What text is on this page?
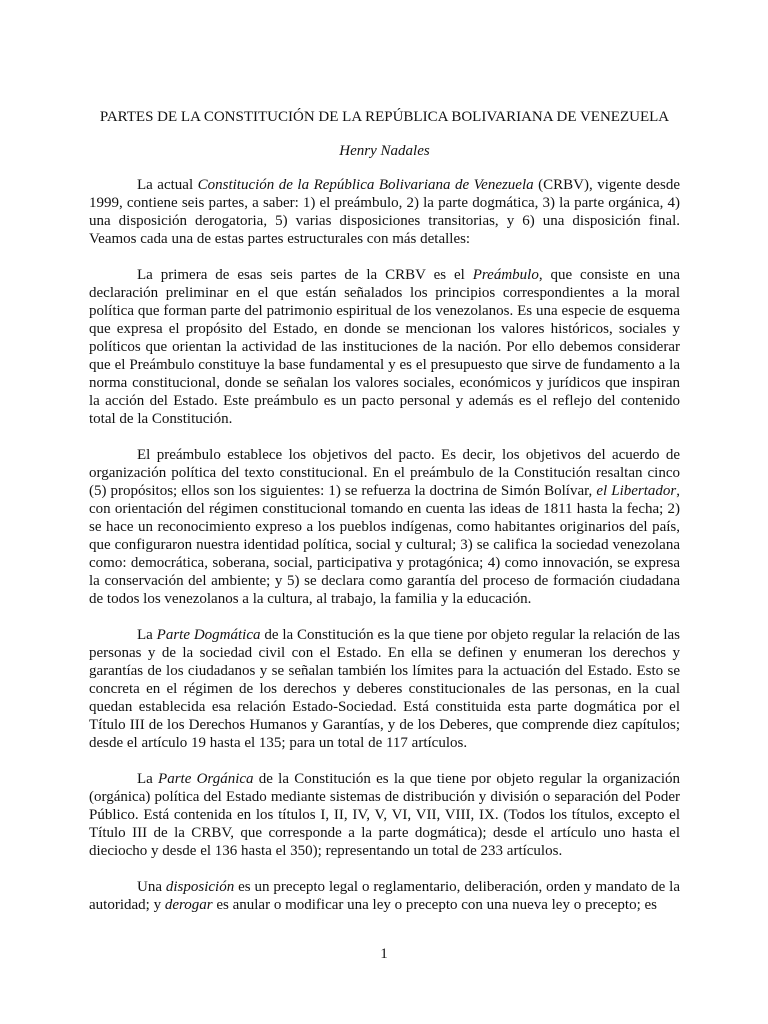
PARTES DE LA CONSTITUCIÓN DE LA REPÚBLICA BOLIVARIANA DE VENEZUELA
Henry Nadales

La actual Constitución de la República Bolivariana de Venezuela (CRBV), vigente desde 1999, contiene seis partes, a saber: 1) el preámbulo, 2) la parte dogmática, 3) la parte orgánica, 4) una disposición derogatoria, 5) varias disposiciones transitorias, y 6) una disposición final. Veamos cada una de estas partes estructurales con más detalles:

La primera de esas seis partes de la CRBV es el Preámbulo, que consiste en una declaración preliminar en el que están señalados los principios correspondientes a la moral política que forman parte del patrimonio espiritual de los venezolanos. Es una especie de esquema que expresa el propósito del Estado, en donde se mencionan los valores históricos, sociales y políticos que orientan la actividad de las instituciones de la nación. Por ello debemos considerar que el Preámbulo constituye la base fundamental y es el presupuesto que sirve de fundamento a la norma constitucional, donde se señalan los valores sociales, económicos y jurídicos que inspiran la acción del Estado. Este preámbulo es un pacto personal y además es el reflejo del contenido total de la Constitución.

El preámbulo establece los objetivos del pacto. Es decir, los objetivos del acuerdo de organización política del texto constitucional. En el preámbulo de la Constitución resaltan cinco (5) propósitos; ellos son los siguientes: 1) se refuerza la doctrina de Simón Bolívar, el Libertador, con orientación del régimen constitucional tomando en cuenta las ideas de 1811 hasta la fecha; 2) se hace un reconocimiento expreso a los pueblos indígenas, como habitantes originarios del país, que configuraron nuestra identidad política, social y cultural; 3) se califica la sociedad venezolana como: democrática, soberana, social, participativa y protagónica; 4) como innovación, se expresa la conservación del ambiente; y 5) se declara como garantía del proceso de formación ciudadana de todos los venezolanos a la cultura, al trabajo, la familia y la educación.

La Parte Dogmática de la Constitución es la que tiene por objeto regular la relación de las personas y de la sociedad civil con el Estado. En ella se definen y enumeran los derechos y garantías de los ciudadanos y se señalan también los límites para la actuación del Estado. Esto se concreta en el régimen de los derechos y deberes constitucionales de las personas, en la cual quedan establecida esa relación Estado-Sociedad. Está constituida esta parte dogmática por el Título III de los Derechos Humanos y Garantías, y de los Deberes, que comprende diez capítulos; desde el artículo 19 hasta el 135; para un total de 117 artículos.

La Parte Orgánica de la Constitución es la que tiene por objeto regular la organización (orgánica) política del Estado mediante sistemas de distribución y división o separación del Poder Público. Está contenida en los títulos I, II, IV, V, VI, VII, VIII, IX. (Todos los títulos, excepto el Título III de la CRBV, que corresponde a la parte dogmática); desde el artículo uno hasta el dieciocho y desde el 136 hasta el 350); representando un total de 233 artículos.

Una disposición es un precepto legal o reglamentario, deliberación, orden y mandato de la autoridad; y derogar es anular o modificar una ley o precepto con una nueva ley o precepto; es

1
